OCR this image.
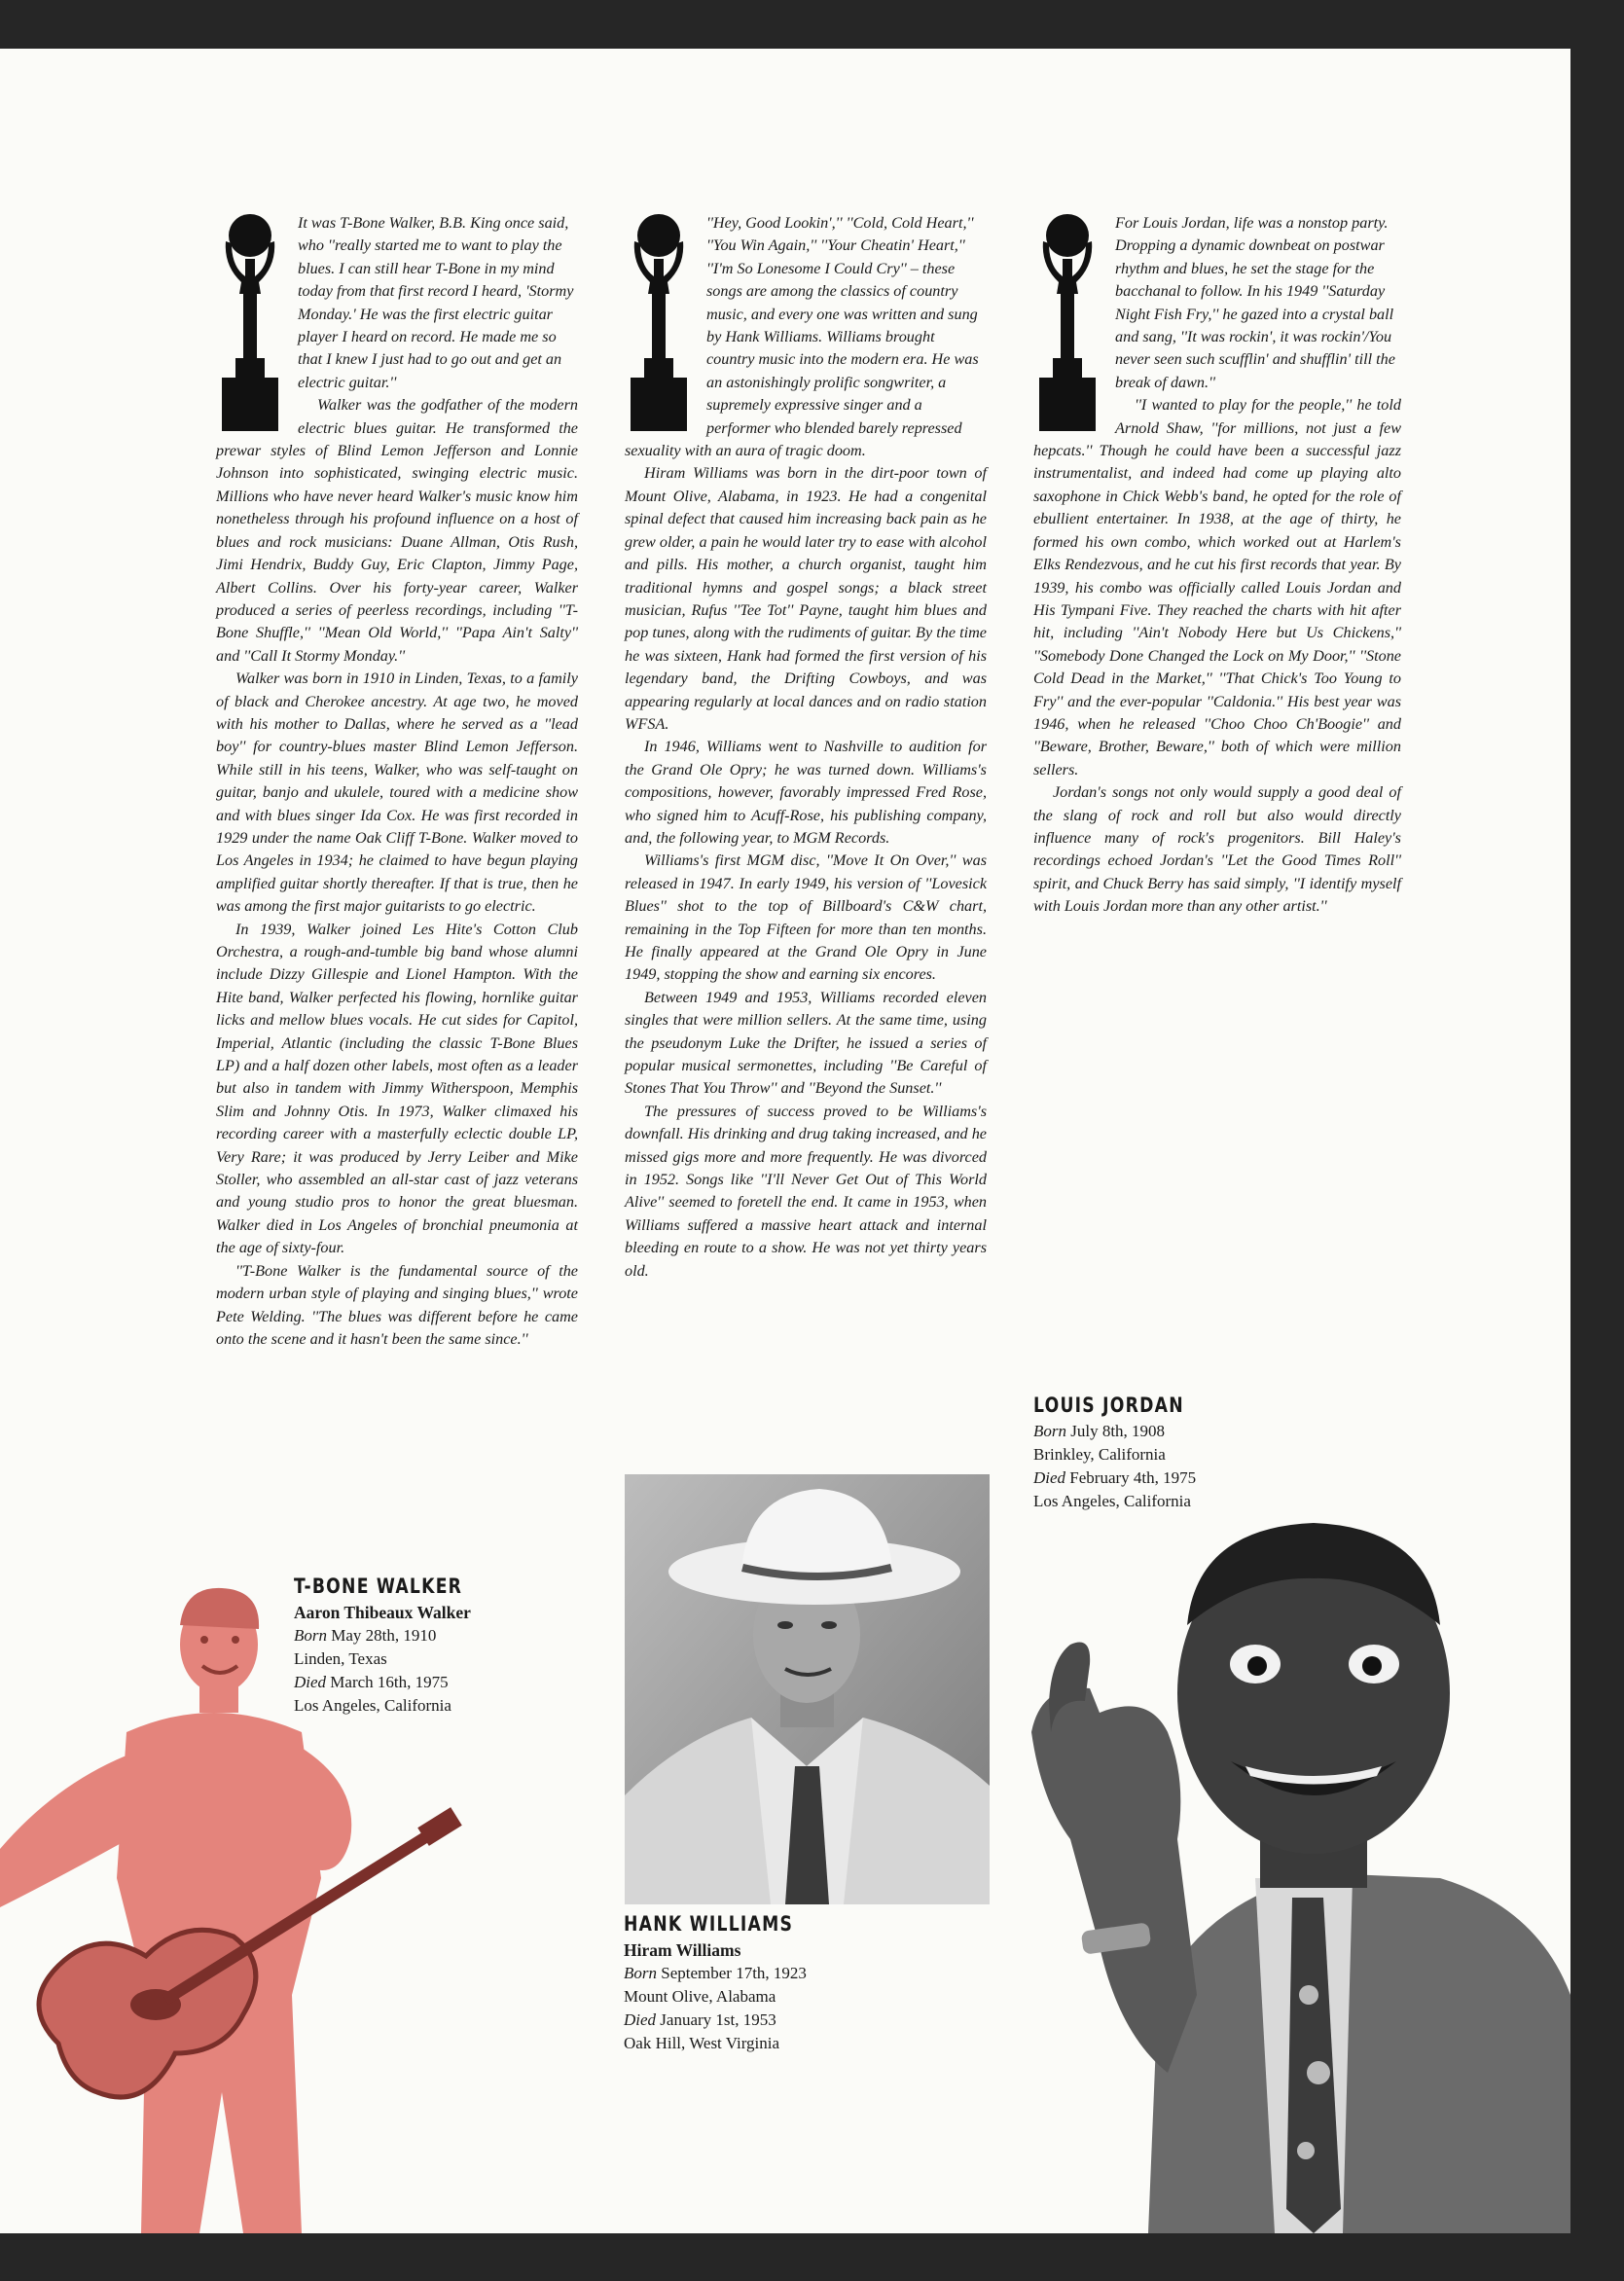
It was T-Bone Walker, B.B. King once said, who ''really started me to want to play the blues. I can still hear T-Bone in my mind today from that first record I heard, 'Stormy Monday.' He was the first electric guitar player I heard on record. He made me so that I knew I just had to go out and get an electric guitar.''

Walker was the godfather of the modern electric blues guitar. He transformed the prewar styles of Blind Lemon Jefferson and Lonnie Johnson into sophisticated, swinging electric music. Millions who have never heard Walker's music know him nonetheless through his profound influence on a host of blues and rock musicians: Duane Allman, Otis Rush, Jimi Hendrix, Buddy Guy, Eric Clapton, Jimmy Page, Albert Collins. Over his forty-year career, Walker produced a series of peerless recordings, including ''T-Bone Shuffle,'' ''Mean Old World,'' ''Papa Ain't Salty'' and ''Call It Stormy Monday.''

Walker was born in 1910 in Linden, Texas, to a family of black and Cherokee ancestry. At age two, he moved with his mother to Dallas, where he served as a ''lead boy'' for country-blues master Blind Lemon Jefferson. While still in his teens, Walker, who was self-taught on guitar, banjo and ukulele, toured with a medicine show and with blues singer Ida Cox. He was first recorded in 1929 under the name Oak Cliff T-Bone. Walker moved to Los Angeles in 1934; he claimed to have begun playing amplified guitar shortly thereafter. If that is true, then he was among the first major guitarists to go electric.

In 1939, Walker joined Les Hite's Cotton Club Orchestra, a rough-and-tumble big band whose alumni include Dizzy Gillespie and Lionel Hampton. With the Hite band, Walker perfected his flowing, hornlike guitar licks and mellow blues vocals. He cut sides for Capitol, Imperial, Atlantic (including the classic T-Bone Blues LP) and a half dozen other labels, most often as a leader but also in tandem with Jimmy Witherspoon, Memphis Slim and Johnny Otis. In 1973, Walker climaxed his recording career with a masterfully eclectic double LP, Very Rare; it was produced by Jerry Leiber and Mike Stoller, who assembled an all-star cast of jazz veterans and young studio pros to honor the great bluesman. Walker died in Los Angeles of bronchial pneumonia at the age of sixty-four.

''T-Bone Walker is the fundamental source of the modern urban style of playing and singing blues,'' wrote Pete Welding. ''The blues was different before he came onto the scene and it hasn't been the same since.''

''Hey, Good Lookin','' ''Cold, Cold Heart,'' ''You Win Again,'' ''Your Cheatin' Heart,'' ''I'm So Lonesome I Could Cry'' – these songs are among the classics of country music, and every one was written and sung by Hank Williams. Williams brought country music into the modern era. He was an astonishingly prolific songwriter, a supremely expressive singer and a performer who blended barely repressed sexuality with an aura of tragic doom.

Hiram Williams was born in the dirt-poor town of Mount Olive, Alabama, in 1923. He had a congenital spinal defect that caused him increasing back pain as he grew older, a pain he would later try to ease with alcohol and pills. His mother, a church organist, taught him traditional hymns and gospel songs; a black street musician, Rufus ''Tee Tot'' Payne, taught him blues and pop tunes, along with the rudiments of guitar. By the time he was sixteen, Hank had formed the first version of his legendary band, the Drifting Cowboys, and was appearing regularly at local dances and on radio station WFSA.

In 1946, Williams went to Nashville to audition for the Grand Ole Opry; he was turned down. Williams's compositions, however, favorably impressed Fred Rose, who signed him to Acuff-Rose, his publishing company, and, the following year, to MGM Records.

Williams's first MGM disc, ''Move It On Over,'' was released in 1947. In early 1949, his version of ''Lovesick Blues'' shot to the top of Billboard's C&W chart, remaining in the Top Fifteen for more than ten months. He finally appeared at the Grand Ole Opry in June 1949, stopping the show and earning six encores.

Between 1949 and 1953, Williams recorded eleven singles that were million sellers. At the same time, using the pseudonym Luke the Drifter, he issued a series of popular musical sermonettes, including ''Be Careful of Stones That You Throw'' and ''Beyond the Sunset.''

The pressures of success proved to be Williams's downfall. His drinking and drug taking increased, and he missed gigs more and more frequently. He was divorced in 1952. Songs like ''I'll Never Get Out of This World Alive'' seemed to foretell the end. It came in 1953, when Williams suffered a massive heart attack and internal bleeding en route to a show. He was not yet thirty years old.

For Louis Jordan, life was a nonstop party. Dropping a dynamic downbeat on postwar rhythm and blues, he set the stage for the bacchanal to follow. In his 1949 ''Saturday Night Fish Fry,'' he gazed into a crystal ball and sang, ''It was rockin', it was rockin'/You never seen such scufflin' and shufflin' till the break of dawn.''

''I wanted to play for the people,'' he told Arnold Shaw, ''for millions, not just a few hepcats.'' Though he could have been a successful jazz instrumentalist, and indeed had come up playing alto saxophone in Chick Webb's band, he opted for the role of ebullient entertainer. In 1938, at the age of thirty, he formed his own combo, which worked out at Harlem's Elks Rendezvous, and he cut his first records that year. By 1939, his combo was officially called Louis Jordan and His Tympani Five. They reached the charts with hit after hit, including ''Ain't Nobody Here but Us Chickens,'' ''Somebody Done Changed the Lock on My Door,'' ''Stone Cold Dead in the Market,'' ''That Chick's Too Young to Fry'' and the ever-popular ''Caldonia.'' His best year was 1946, when he released ''Choo Choo Ch'Boogie'' and ''Beware, Brother, Beware,'' both of which were million sellers.

Jordan's songs not only would supply a good deal of the slang of rock and roll but also would directly influence many of rock's progenitors. Bill Haley's recordings echoed Jordan's ''Let the Good Times Roll'' spirit, and Chuck Berry has said simply, ''I identify myself with Louis Jordan more than any other artist.''

T-BONE WALKER
Aaron Thibeaux Walker
Born May 28th, 1910
Linden, Texas
Died March 16th, 1975
Los Angeles, California
HANK WILLIAMS
Hiram Williams
Born September 17th, 1923
Mount Olive, Alabama
Died January 1st, 1953
Oak Hill, West Virginia
LOUIS JORDAN
Born July 8th, 1908
Brinkley, California
Died February 4th, 1975
Los Angeles, California
